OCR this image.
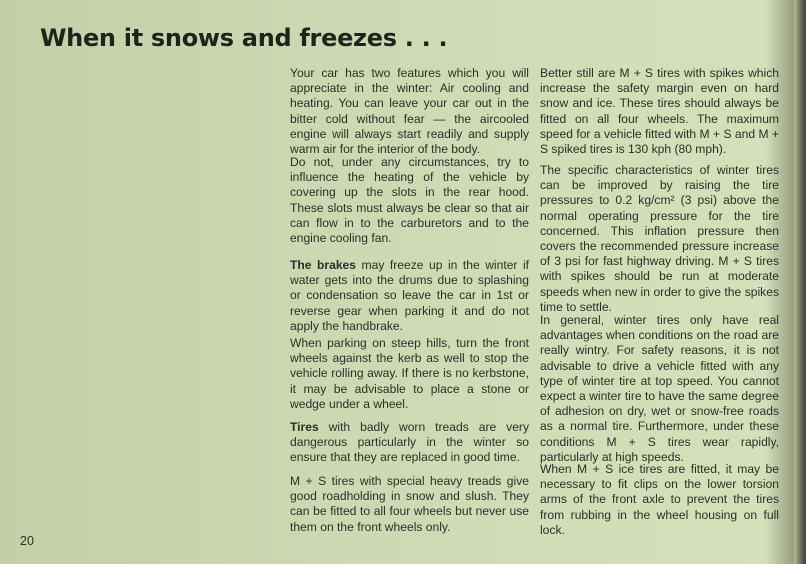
When it snows and freezes . . .

Your car has two features which you will appreciate in the winter: Air cooling and heating. You can leave your car out in the bitter cold without fear — the aircooled engine will always start readily and supply warm air for the interior of the body.

Do not, under any circumstances, try to influence the heating of the vehicle by covering up the slots in the rear hood. These slots must always be clear so that air can flow in to the carburetors and to the engine cooling fan.

The brakes may freeze up in the winter if water gets into the drums due to splashing or condensation so leave the car in 1st or reverse gear when parking it and do not apply the handbrake.

When parking on steep hills, turn the front wheels against the kerb as well to stop the vehicle rolling away. If there is no kerbstone, it may be advisable to place a stone or wedge under a wheel.

Tires with badly worn treads are very dangerous particularly in the winter so ensure that they are replaced in good time.

M + S tires with special heavy treads give good roadholding in snow and slush. They can be fitted to all four wheels but never use them on the front wheels only.

Better still are M + S tires with spikes which increase the safety margin even on hard snow and ice. These tires should always be fitted on all four wheels. The maximum speed for a vehicle fitted with M + S and M + S spiked tires is 130 kph (80 mph).

The specific characteristics of winter tires can be improved by raising the tire pressures to 0.2 kg/cm² (3 psi) above the normal operating pressure for the tire concerned. This inflation pressure then covers the recommended pressure increase of 3 psi for fast highway driving. M + S tires with spikes should be run at moderate speeds when new in order to give the spikes time to settle.

In general, winter tires only have real advantages when conditions on the road are really wintry. For safety reasons, it is not advisable to drive a vehicle fitted with any type of winter tire at top speed. You cannot expect a winter tire to have the same degree of adhesion on dry, wet or snow-free roads as a normal tire. Furthermore, under these conditions M + S tires wear rapidly, particularly at high speeds.

When M + S ice tires are fitted, it may be necessary to fit clips on the lower torsion arms of the front axle to prevent the tires from rubbing in the wheel housing on full lock.

20
